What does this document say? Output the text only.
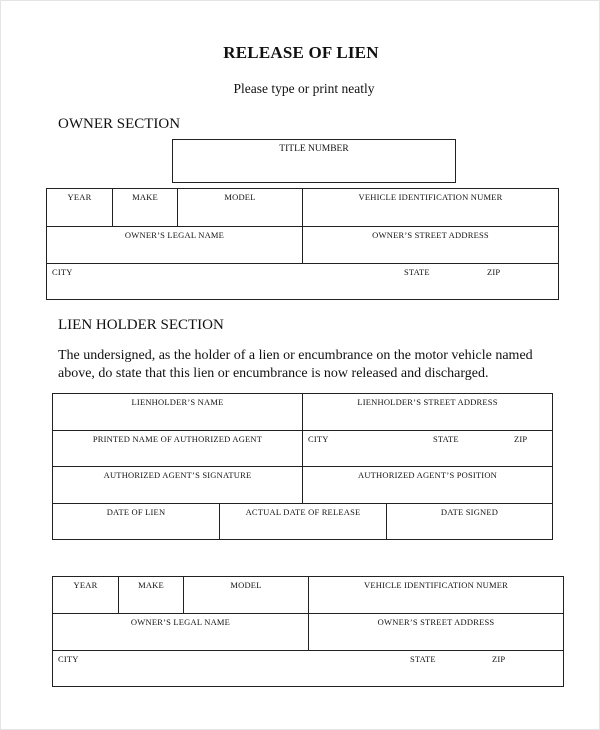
RELEASE OF LIEN
Please type or print neatly
OWNER SECTION
TITLE NUMBER
YEAR	MAKE	MODEL	VEHICLE IDENTIFICATION NUMER
OWNER’S LEGAL NAME	OWNER’S STREET ADDRESS
CITY	STATE	ZIP
LIEN HOLDER SECTION
The undersigned, as the holder of a lien or encumbrance on the motor vehicle named above, do state that this lien or encumbrance is now released and discharged.
LIENHOLDER’S NAME	LIENHOLDER’S STREET ADDRESS
PRINTED NAME OF AUTHORIZED AGENT	CITY	STATE	ZIP
AUTHORIZED AGENT’S SIGNATURE	AUTHORIZED AGENT’S POSITION
DATE OF LIEN	ACTUAL DATE OF RELEASE	DATE SIGNED
YEAR	MAKE	MODEL	VEHICLE IDENTIFICATION NUMER
OWNER’S LEGAL NAME	OWNER’S STREET ADDRESS
CITY	STATE	ZIP
